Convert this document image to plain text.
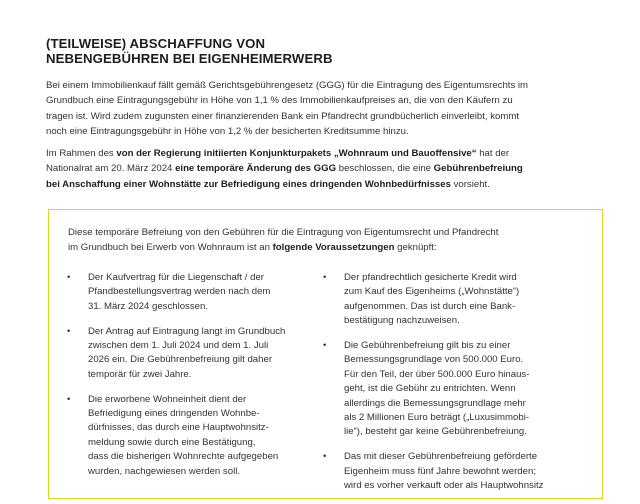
(TEILWEISE) ABSCHAFFUNG VON
NEBENGEBÜHREN BEI EIGENHEIMERWERB
Bei einem Immobilienkauf fällt gemäß Gerichtsgebührengesetz (GGG) für die Eintragung des Eigentumsrechts im
Grundbuch eine Eintragungsgebühr in Höhe von 1,1 % des Immobilienkaufpreises an, die von den Käufern zu
tragen ist. Wird zudem zugunsten einer finanzierenden Bank ein Pfandrecht grundbücherlich einverleibt, kommt
noch eine Eintragungsgebühr in Höhe von 1,2 % der besicherten Kreditsumme hinzu.
Im Rahmen des von der Regierung initiierten Konjunkturpakets „Wohnraum und Bauoffensive“ hat der
Nationalrat am 20. März 2024 eine temporäre Änderung des GGG beschlossen, die eine Gebührenbefreiung
bei Anschaffung einer Wohnstätte zur Befriedigung eines dringenden Wohnbedürfnisses vorsieht.
Diese temporäre Befreiung von den Gebühren für die Eintragung von Eigentumsrecht und Pfandrecht
im Grundbuch bei Erwerb von Wohnraum ist an folgende Voraussetzungen geknüpft:
• Der Kaufvertrag für die Liegenschaft / der
Pfandbestellungsvertrag werden nach dem
31. März 2024 geschlossen.
• Der Antrag auf Eintragung langt im Grundbuch
zwischen dem 1. Juli 2024 und dem 1. Juli
2026 ein. Die Gebührenbefreiung gilt daher
temporär für zwei Jahre.
• Die erworbene Wohneinheit dient der
Befriedigung eines dringenden Wohnbe-
dürfnisses, das durch eine Hauptwohnsitz-
meldung sowie durch eine Bestätigung,
dass die bisherigen Wohnrechte aufgegeben
wurden, nachgewiesen werden soll.
• Der pfandrechtlich gesicherte Kredit wird
zum Kauf des Eigenheims („Wohnstätte“)
aufgenommen. Das ist durch eine Bank-
bestätigung nachzuweisen.
• Die Gebührenbefreiung gilt bis zu einer
Bemessungsgrundlage von 500.000 Euro.
Für den Teil, der über 500.000 Euro hinaus-
geht, ist die Gebühr zu entrichten. Wenn
allerdings die Bemessungsgrundlage mehr
als 2 Millionen Euro beträgt („Luxusimmobi-
lie“), besteht gar keine Gebührenbefreiung.
• Das mit dieser Gebührenbefreiung geförderte
Eigenheim muss fünf Jahre bewohnt werden;
wird es vorher verkauft oder als Hauptwohnsitz
